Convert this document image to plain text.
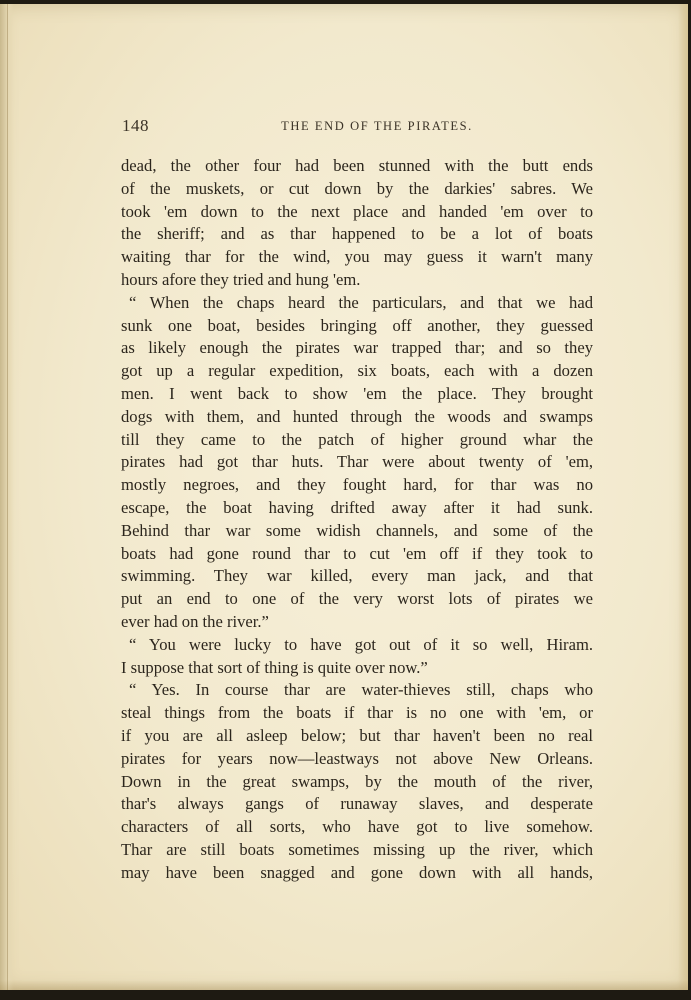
148	THE END OF THE PIRATES.
dead, the other four had been stunned with the butt ends
of the muskets, or cut down by the darkies' sabres. We
took 'em down to the next place and handed 'em over to
the sheriff; and as thar happened to be a lot of boats
waiting thar for the wind, you may guess it warn't many
hours afore they tried and hung 'em.
“ When the chaps heard the particulars, and that we had
sunk one boat, besides bringing off another, they guessed
as likely enough the pirates war trapped thar; and so they
got up a regular expedition, six boats, each with a dozen
men. I went back to show 'em the place. They brought
dogs with them, and hunted through the woods and swamps
till they came to the patch of higher ground whar the
pirates had got thar huts. Thar were about twenty of 'em,
mostly negroes, and they fought hard, for thar was no
escape, the boat having drifted away after it had sunk.
Behind thar war some widish channels, and some of the
boats had gone round thar to cut 'em off if they took to
swimming. They war killed, every man jack, and that
put an end to one of the very worst lots of pirates we
ever had on the river.”
“ You were lucky to have got out of it so well, Hiram.
I suppose that sort of thing is quite over now.”
“ Yes. In course thar are water-thieves still, chaps who
steal things from the boats if thar is no one with 'em, or
if you are all asleep below; but thar haven't been no real
pirates for years now—leastways not above New Orleans.
Down in the great swamps, by the mouth of the river,
thar's always gangs of runaway slaves, and desperate
characters of all sorts, who have got to live somehow.
Thar are still boats sometimes missing up the river, which
may have been snagged and gone down with all hands,
